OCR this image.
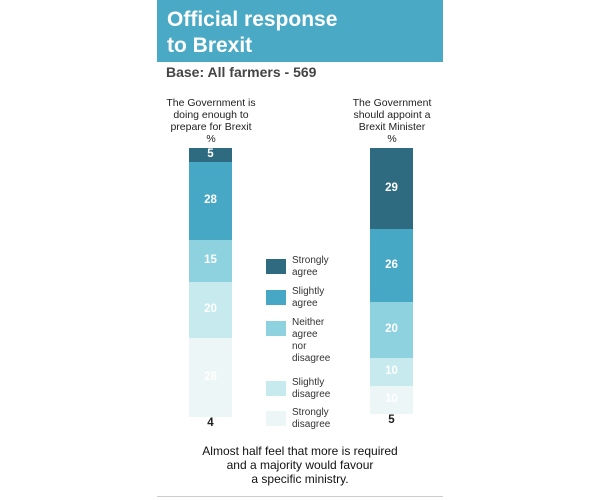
Official response
to Brexit
Base: All farmers - 569
The Government is
doing enough to
prepare for Brexit
%
5
28
15
20
28
4
The Government
should appoint a
Brexit Minister
%
29
26
20
10
10
5
Strongly
agree
Slightly
agree
Neither
agree
nor
disagree
Slightly
disagree
Strongly
disagree
Almost half feel that more is required
and a majority would favour
a specific ministry.
